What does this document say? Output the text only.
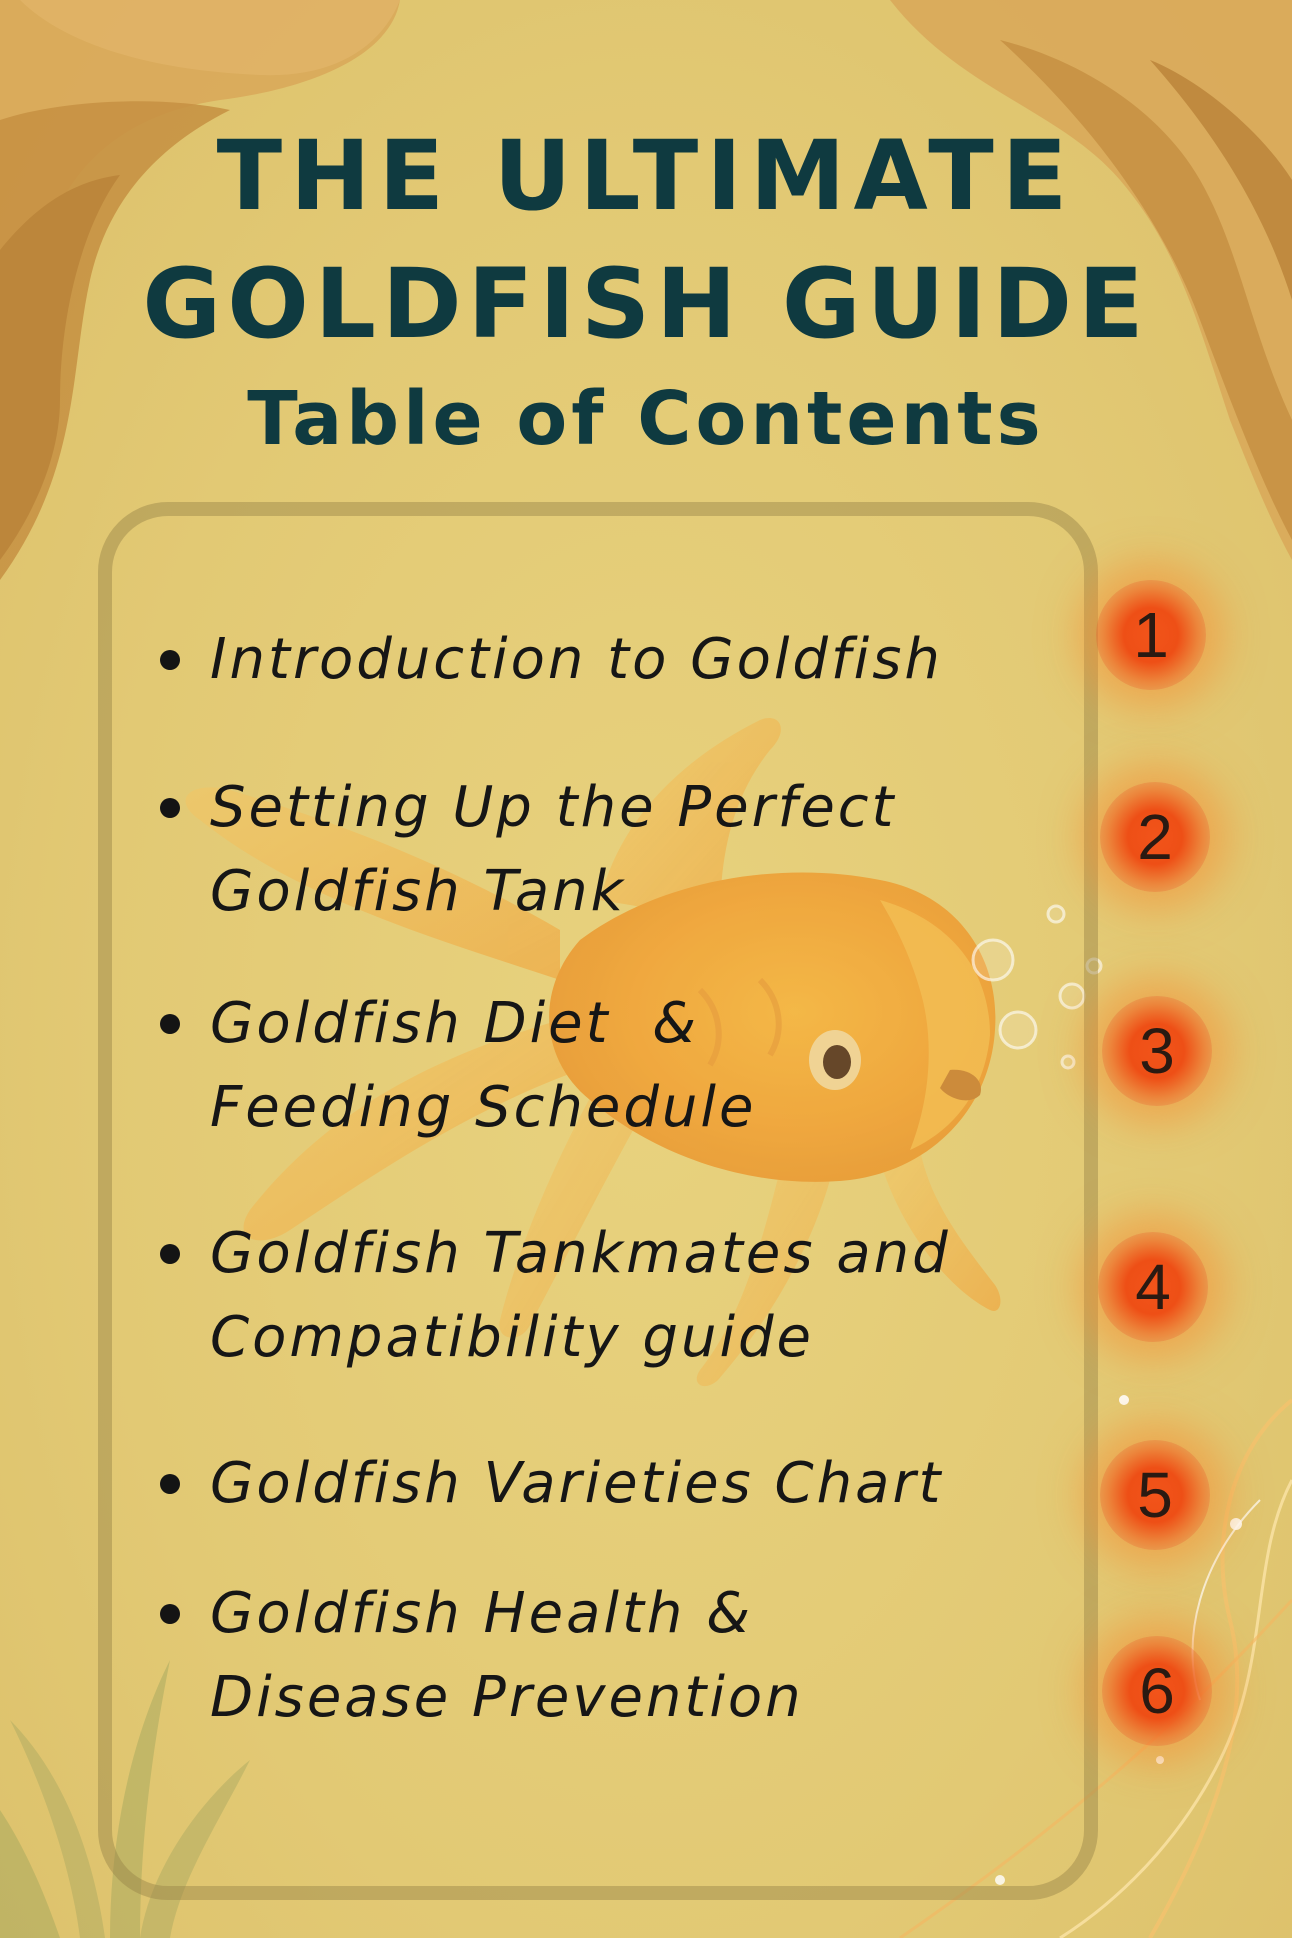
THE ULTIMATE
GOLDFISH GUIDE
Table of Contents

Introduction to Goldfish

Setting Up the Perfect
Goldfish Tank

Goldfish Diet  &
Feeding Schedule

Goldfish Tankmates and
Compatibility guide

Goldfish Varieties Chart

Goldfish Health &
Disease Prevention

1
2
3
4
5
6
